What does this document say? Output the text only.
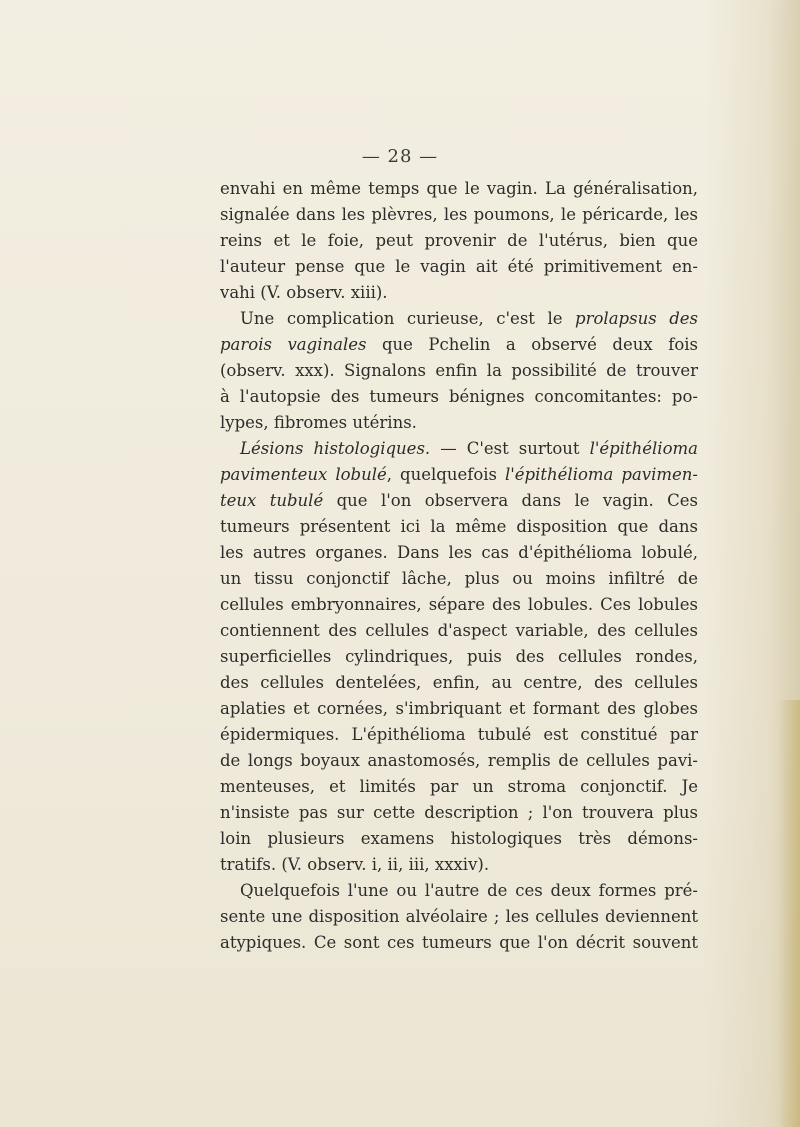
— 28 —
envahi en même temps que le vagin. La généralisation,
signalée dans les plèvres, les poumons, le péricarde, les
reins et le foie, peut provenir de l'utérus, bien que
l'auteur pense que le vagin ait été primitivement en-
vahi (V. observ. xiii).
Une complication curieuse, c'est le prolapsus des
parois vaginales que Pchelin a observé deux fois
(observ. xxx). Signalons enfin la possibilité de trouver
à l'autopsie des tumeurs bénignes concomitantes: po-
lypes, fibromes utérins.
Lésions histologiques. — C'est surtout l'épithélioma
pavimenteux lobulé, quelquefois l'épithélioma pavimen-
teux tubulé que l'on observera dans le vagin. Ces
tumeurs présentent ici la même disposition que dans
les autres organes. Dans les cas d'épithélioma lobulé,
un tissu conjonctif lâche, plus ou moins infiltré de
cellules embryonnaires, sépare des lobules. Ces lobules
contiennent des cellules d'aspect variable, des cellules
superficielles cylindriques, puis des cellules rondes,
des cellules dentelées, enfin, au centre, des cellules
aplaties et cornées, s'imbriquant et formant des globes
épidermiques. L'épithélioma tubulé est constitué par
de longs boyaux anastomosés, remplis de cellules pavi-
menteuses, et limités par un stroma conjonctif. Je
n'insiste pas sur cette description ; l'on trouvera plus
loin plusieurs examens histologiques très démons-
tratifs. (V. observ. i, ii, iii, xxxiv).
Quelquefois l'une ou l'autre de ces deux formes pré-
sente une disposition alvéolaire ; les cellules deviennent
atypiques. Ce sont ces tumeurs que l'on décrit souvent
